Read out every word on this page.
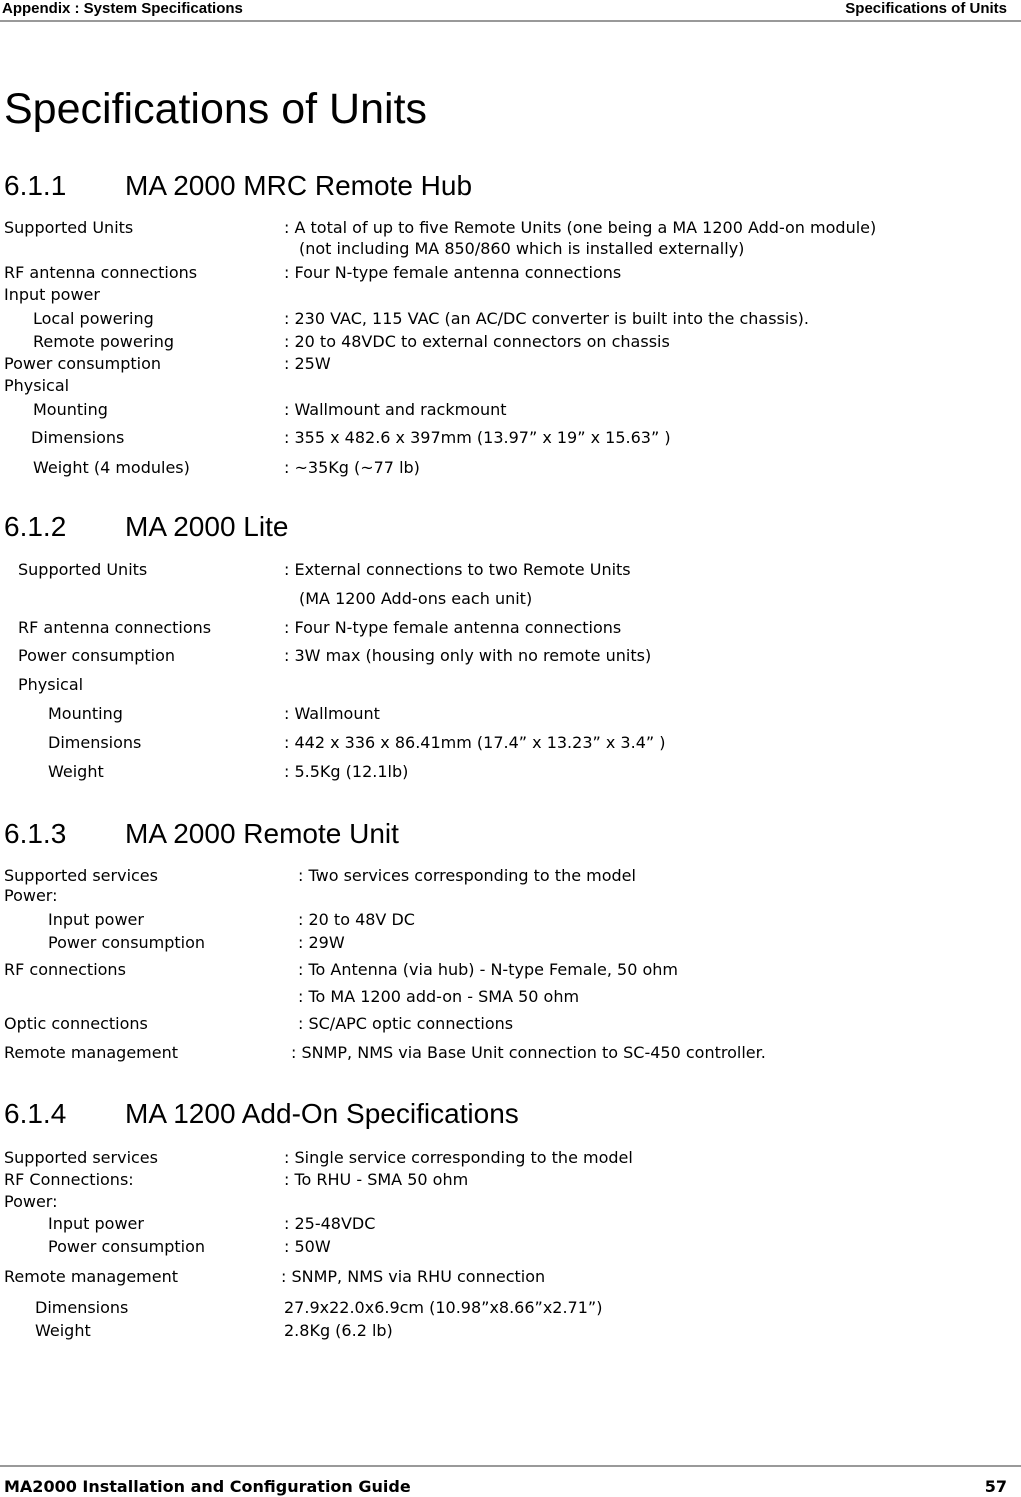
Appendix : System Specifications	Specifications of Units
Specifications of Units
6.1.1 MA 2000 MRC Remote Hub
Supported Units	: A total of up to five Remote Units (one being a MA 1200 Add-on module)
(not including MA 850/860 which is installed externally)
RF antenna connections	: Four N-type female antenna connections
Input power
Local powering	: 230 VAC, 115 VAC (an AC/DC converter is built into the chassis).
Remote powering	: 20 to 48VDC to external connectors on chassis
Power consumption	: 25W
Physical
Mounting	: Wallmount and rackmount
Dimensions	: 355 x 482.6 x 397mm (13.97” x 19” x 15.63” )
Weight (4 modules)	: ~35Kg (~77 lb)
6.1.2 MA 2000 Lite
Supported Units	: External connections to two Remote Units
(MA 1200 Add-ons each unit)
RF antenna connections	: Four N-type female antenna connections
Power consumption	: 3W max (housing only with no remote units)
Physical
Mounting	: Wallmount
Dimensions	: 442 x 336 x 86.41mm (17.4” x 13.23” x 3.4” )
Weight	: 5.5Kg (12.1lb)
6.1.3 MA 2000 Remote Unit
Supported services	: Two services corresponding to the model
Power:
Input power	: 20 to 48V DC
Power consumption	: 29W
RF connections	: To Antenna (via hub) - N-type Female, 50 ohm
: To MA 1200 add-on - SMA 50 ohm
Optic connections	: SC/APC optic connections
Remote management	: SNMP, NMS via Base Unit connection to SC-450 controller.
6.1.4 MA 1200 Add-On Specifications
Supported services	: Single service corresponding to the model
RF Connections:	: To RHU - SMA 50 ohm
Power:
Input power	: 25-48VDC
Power consumption	: 50W
Remote management	: SNMP, NMS via RHU connection
Dimensions	27.9x22.0x6.9cm (10.98”x8.66”x2.71”)
Weight	2.8Kg (6.2 lb)
MA2000 Installation and Configuration Guide	57
